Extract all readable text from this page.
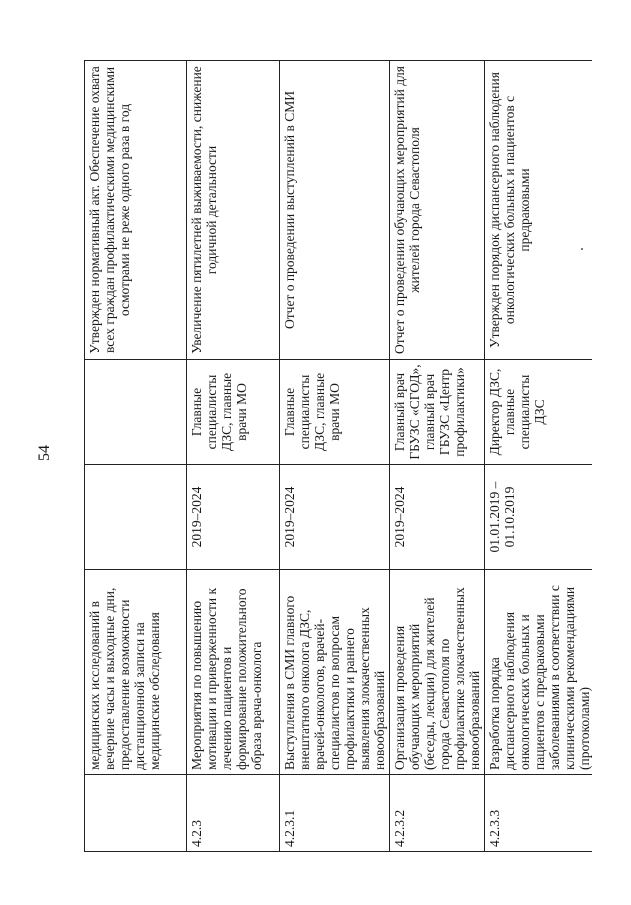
54
	медицинских исследований в вечерние часы и выходные дни, предоставление возможности дистанционной записи на медицинские обследования			Утвержден нормативный акт. Обеспечение охвата всех граждан профилактическими медицинскими осмотрами не реже одного раза в год
4.2.3	Мероприятия по повышению мотивации и приверженности к лечению пациентов и формирование положительного образа врача-онколога	2019–2024	Главные специалисты ДЗС, главные врачи МО	Увеличение пятилетней выживаемости, снижение годичной детальности
4.2.3.1	Выступления в СМИ главного внештатного онколога ДЗС, врачей-онкологов, врачей-специалистов по вопросам профилактики и раннего выявления злокачественных новообразований	2019–2024	Главные специалисты ДЗС, главные врачи МО	Отчет о проведении выступлений в СМИ
4.2.3.2	Организация проведения обучающих мероприятий (беседы, лекции) для жителей города Севастополя по профилактике злокачественных новообразований	2019–2024	Главный врач ГБУЗС «СГОД», главный врач ГБУЗС «Центр профилактики»	Отчет о проведении обучающих мероприятий для жителей города Севастополя
4.2.3.3	Разработка порядка диспансерного наблюдения онкологических больных и пациентов с предраковыми заболеваниями в соответствии с клиническими рекомендациями (протоколами)	01.01.2019 – 01.10.2019	Директор ДЗС, главные специалисты ДЗС	Утвержден порядок диспансерного наблюдения онкологических больных и пациентов с предраковыми
